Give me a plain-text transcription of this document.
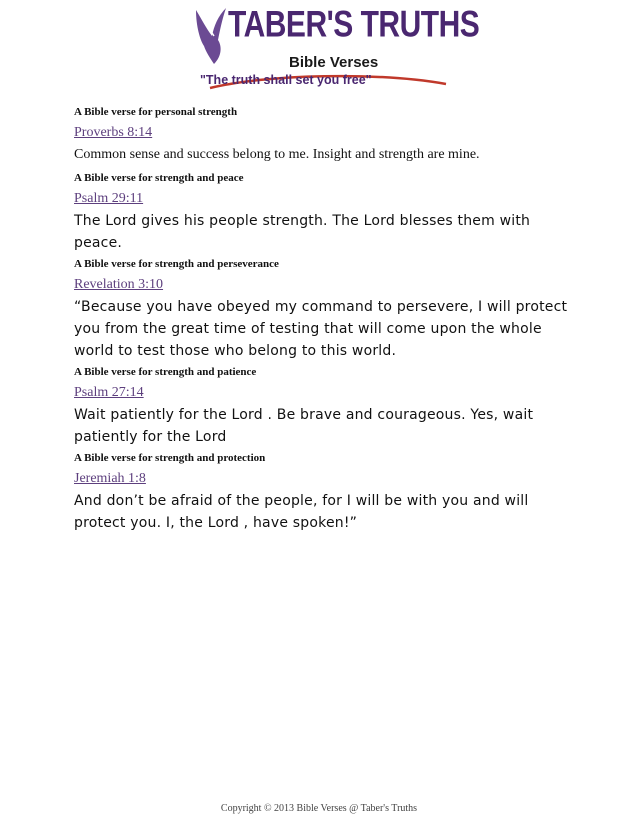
TABER'S TRUTHS
Bible Verses
"The truth shall set you free"

A Bible verse for personal strength

Proverbs 8:14

Common sense and success belong to me. Insight and strength are mine.

A Bible verse for strength and peace

Psalm 29:11

The Lord gives his people strength. The Lord blesses them with peace.

A Bible verse for strength and perseverance

Revelation 3:10

“Because you have obeyed my command to persevere, I will protect you from the great time of testing that will come upon the whole world to test those who belong to this world.

A Bible verse for strength and patience

Psalm 27:14

Wait patiently for the Lord . Be brave and courageous. Yes, wait patiently for the Lord

A Bible verse for strength and protection

Jeremiah 1:8

And don’t be afraid of the people, for I will be with you and will protect you. I, the Lord , have spoken!”

Copyright © 2013 Bible Verses @ Taber's Truths
